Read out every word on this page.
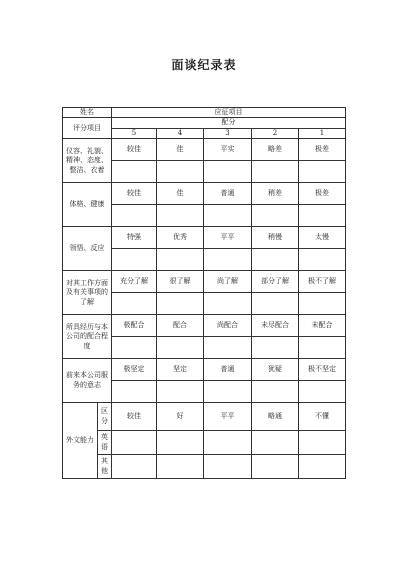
面谈纪录表
姓名		应征项目				
评分项目		配分				
		5	4	3	2	1
仪容、礼貌、精神、态度、整洁、衣着		较佳	佳	平实	略差	极差

体格、健康		较佳	佳	普通	稍差	极差

领悟、反应		特强	优秀	平平	稍慢	太慢

对其工作方面及有关事项的了解		充分了解	很了解	尚了解	部分了解	极不了解

所具经历与本公司的配合程度		极配合	配合	尚配合	未尽配合	未配合

前来本公司服务的意志		极坚定	坚定	普通	犹疑	极不坚定

外文能力	区分	较佳	好	平平	略通	不懂
	英语					
	其他					
